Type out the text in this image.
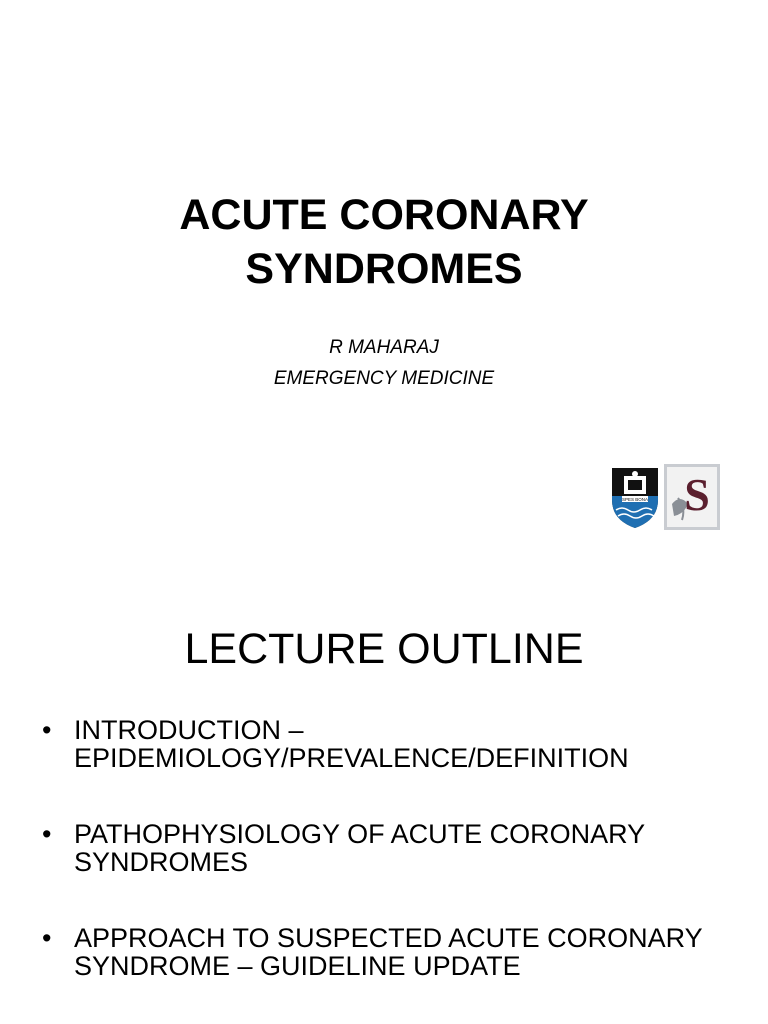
ACUTE CORONARY
SYNDROMES
R MAHARAJ
EMERGENCY MEDICINE
SPES BONA S
LECTURE OUTLINE
• INTRODUCTION – EPIDEMIOLOGY/PREVALENCE/DEFINITION
• PATHOPHYSIOLOGY OF ACUTE CORONARY SYNDROMES
• APPROACH TO SUSPECTED ACUTE CORONARY SYNDROME – GUIDELINE UPDATE
